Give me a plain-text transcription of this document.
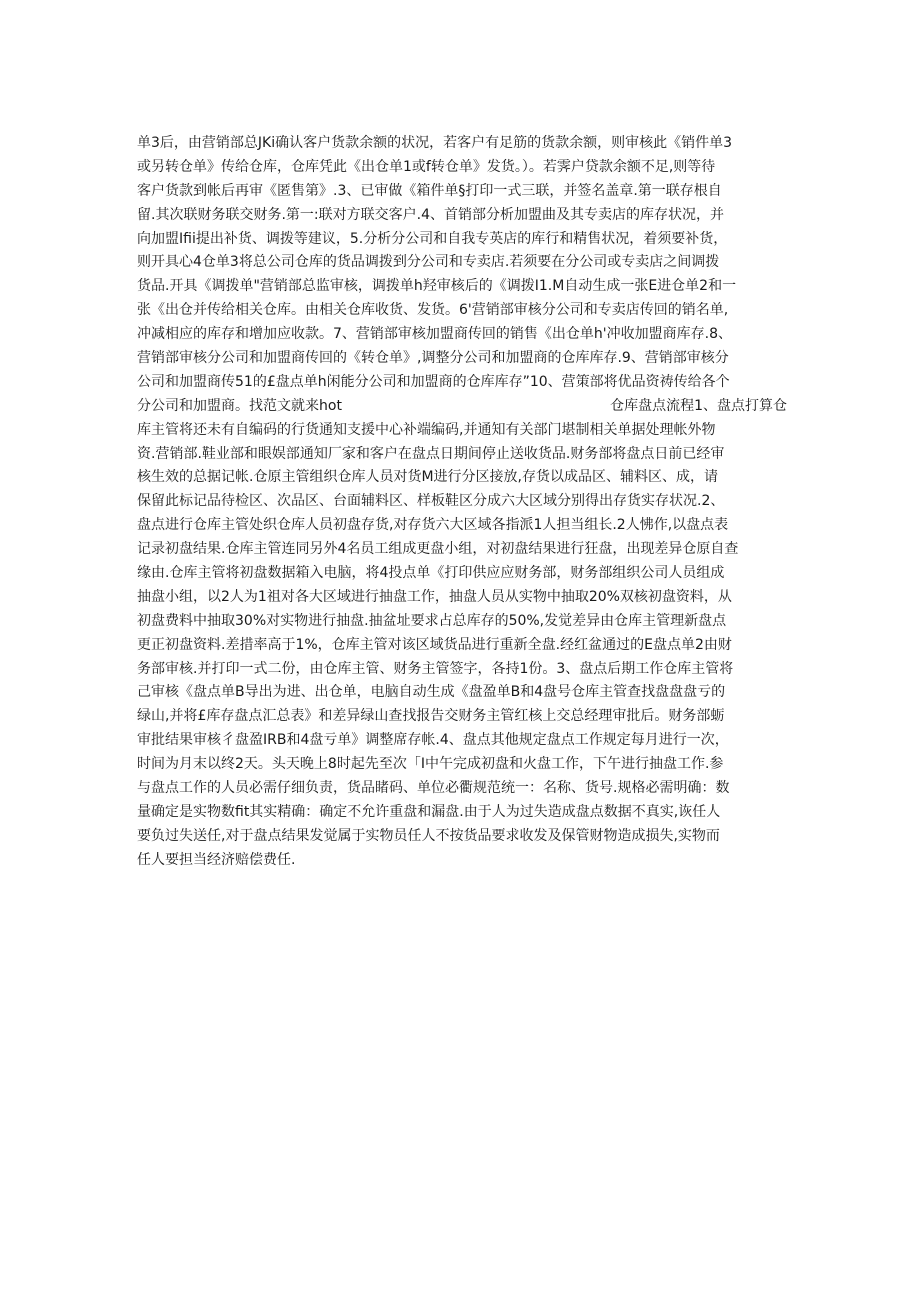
单3后，由营销部总JKi确认客户货款余额的状况，若客户有足筋的货款余额，则审核此《销件单3
或另转仓单》传给仓库，仓库凭此《出仓单1或f转仓单》发货。）。若霁户贷款余额不足,则等待
客户货款到帐后再审《匿售第》.3、已审做《箱件单§打印一式三联，并签名盖章.第一联存根自
留.其次联财务联交财务.第一:联对方联交客户.4、首销部分析加盟曲及其专卖店的库存状况，并
向加盟Ifii提出补货、调拨等建议，5.分析分公司和自我专英店的库行和精售状况，着须要补货，
则开具心4仓单3将总公司仓库的货品调拨到分公司和专卖店.若须要在分公司或专卖店之间调拨
货品.开具《调拨单"营销部总监审核，调拨单h羟审核后的《调拨I1.M自动生成一张E进仓单2和一
张《出仓并传给相关仓库。由相关仓库收货、发货。6'营销部审核分公司和专卖店传回的销名单,
冲减相应的库存和增加应收款。7、营销部审核加盟商传回的销售《出仓单h'冲收加盟商库存.8、
营销部审核分公司和加盟商传回的《转仓单》,调整分公司和加盟商的仓库库存.9、营销部审核分
公司和加盟商传51的£盘点单h闲能分公司和加盟商的仓库库存”10、营策部将优品资祷传给各个
分公司和加盟商。找范文就来hot	仓库盘点流程1、盘点打算仓
库主管将还未有自编码的行货通知支援中心补端编码,并通知有关部门堪制相关单据处理帐外物
资.营销部.鞋业部和眼娱部通知厂家和客户在盘点日期间停止送收货品.财务部将盘点日前已经审
核生效的总据记帐.仓原主管组织仓库人员对货M进行分区接放,存货以成品区、辅料区、成，请
保留此标记品待检区、次品区、台面辅料区、样板鞋区分成六大区域分别得出存货实存状况.2、
盘点进行仓库主管处织仓库人员初盘存货,对存货六大区域各指派1人担当组长.2人怫作,以盘点表
记录初盘结果.仓库主管连同另外4名员工组成更盘小组，对初盘结果进行狂盘，出现差异仓原自查
缘由.仓库主管将初盘数据箱入电脑，将4投点单《打印供应应财务部，财务部组织公司人员组成
抽盘小组，以2人为1祖对各大区域进行抽盘工作，抽盘人员从实物中抽取20%双核初盘资料，从
初盘费料中抽取30%对实物进行抽盘.抽盆址要求占总库存的50%,发觉差异由仓库主管理新盘点
更正初盘资料.差措率高于1%，仓库主管对该区域货品进行重新全盘.经红盆通过的E盘点单2由财
务部审核.并打印一式二份，由仓库主管、财务主管签字，各持1份。3、盘点后期工作仓库主管将
己审核《盘点单B导出为进、出仓单，电脑自动生成《盘盈单B和4盘号仓库主管查找盘盘盘亏的
绿山,并将£库存盘点汇总表》和差异绿山查找报告交财务主管红核上交总经理审批后。财务部蛎
审批结果审核彳盘盈IRB和4盘亏单》调整席存帐.4、盘点其他规定盘点工作规定每月进行一次，
时间为月末以终2天。头天晚上8时起先至次「I中午完成初盘和火盘工作，下午进行抽盘工作.参
与盘点工作的人员必需仔细负责，货品睹码、单位必衢规范统一：名称、货号.规格必需明确：数
量确定是实物数fit其实精确：确定不允许重盘和漏盘.由于人为过失造成盘点数据不真实,诙任人
要负过失送任,对于盘点结果发觉属于实物员任人不按货品要求收发及保管财物造成损失,实物而
任人要担当经济赔偿费任.
